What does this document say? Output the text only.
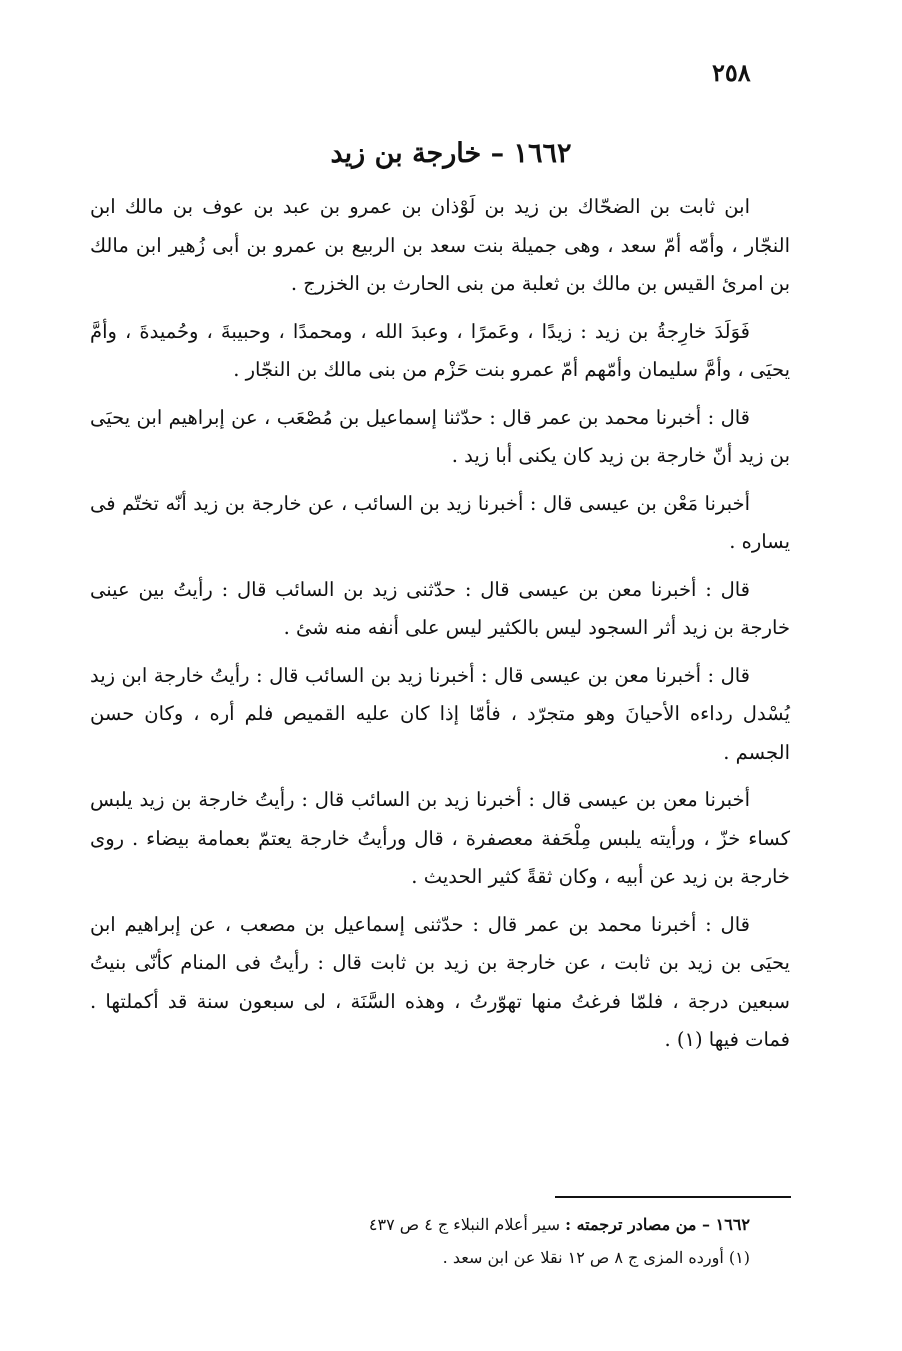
٢٥٨
١٦٦٢ – خارجة بن زيد

ابن ثابت بن الضحّاك بن زيد بن لَوْذان بن عمرو بن عبد بن عوف بن مالك ابن النجّار ، وأمّه أمّ سعد ، وهى جميلة بنت سعد بن الربيع بن عمرو بن أبى زُهير ابن مالك بن امرئ القيس بن مالك بن ثعلبة من بنى الحارث بن الخزرج .

فَوَلَدَ خارِجةُ بن زيد : زيدًا ، وعَمرًا ، وعبدَ الله ، ومحمدًا ، وحبيبةَ ، وحُميدةَ ، وأمَّ يحيَى ، وأمَّ سليمان وأمّهم أمّ عمرو بنت حَزْم من بنى مالك بن النجّار .

قال : أخبرنا محمد بن عمر قال : حدّثنا إسماعيل بن مُصْعَب ، عن إبراهيم ابن يحيَى بن زيد أنّ خارجة بن زيد كان يكنى أبا زيد .

أخبرنا مَعْن بن عيسى قال : أخبرنا زيد بن السائب ، عن خارجة بن زيد أنّه تختّم فى يساره .

قال : أخبرنا معن بن عيسى قال : حدّثنى زيد بن السائب قال : رأيتُ بين عينى خارجة بن زيد أثر السجود ليس بالكثير ليس على أنفه منه شئ .

قال : أخبرنا معن بن عيسى قال : أخبرنا زيد بن السائب قال : رأيتُ خارجة ابن زيد يُسْدل رداءه الأحيانَ وهو متجرّد ، فأمّا إذا كان عليه القميص فلم أره ، وكان حسن الجسم .

أخبرنا معن بن عيسى قال : أخبرنا زيد بن السائب قال : رأيتُ خارجة بن زيد يلبس كساء خزّ ، ورأيته يلبس مِلْحَفة معصفرة ، قال ورأيتُ خارجة يعتمّ بعمامة بيضاء . روى خارجة بن زيد عن أبيه ، وكان ثقةً كثير الحديث .

قال : أخبرنا محمد بن عمر قال : حدّثنى إسماعيل بن مصعب ، عن إبراهيم ابن يحيَى بن زيد بن ثابت ، عن خارجة بن زيد بن ثابت قال : رأيتُ فى المنام كأنّى بنيتُ سبعين درجة ، فلمّا فرغتُ منها تهوّرتُ ، وهذه السَّنَة ، لى سبعون سنة قد أكملتها . فمات فيها (١) .

١٦٦٢ – من مصادر ترجمته : سير أعلام النبلاء ج ٤ ص ٤٣٧
(١) أورده المزى ج ٨ ص ١٢ نقلا عن ابن سعد .
